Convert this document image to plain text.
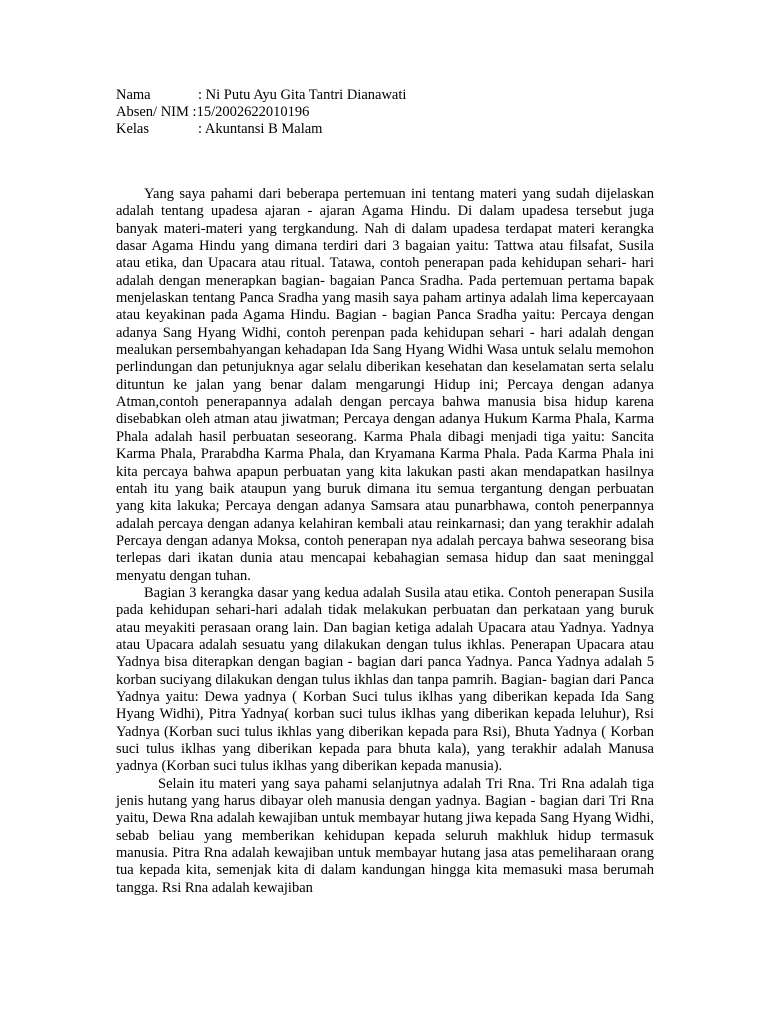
Nama	: Ni Putu Ayu Gita Tantri Dianawati
Absen/ NIM :15/2002622010196
Kelas	: Akuntansi B Malam

Yang saya pahami dari beberapa pertemuan ini tentang materi yang sudah dijelaskan adalah tentang upadesa ajaran - ajaran Agama Hindu. Di dalam upadesa tersebut juga banyak materi-materi yang tergkandung. Nah di dalam upadesa terdapat materi kerangka dasar Agama Hindu yang dimana terdiri dari 3 bagaian yaitu: Tattwa atau filsafat, Susila atau etika, dan Upacara atau ritual. Tatawa, contoh penerapan pada kehidupan sehari- hari adalah dengan menerapkan bagian- bagaian Panca Sradha. Pada pertemuan pertama bapak menjelaskan tentang Panca Sradha yang masih saya paham artinya adalah lima kepercayaan atau keyakinan pada Agama Hindu. Bagian - bagian Panca Sradha yaitu: Percaya dengan adanya Sang Hyang Widhi, contoh perenpan pada kehidupan sehari - hari adalah dengan mealukan persembahyangan kehadapan Ida Sang Hyang Widhi Wasa untuk selalu memohon perlindungan dan petunjuknya agar selalu diberikan kesehatan dan keselamatan serta selalu dituntun ke jalan yang benar dalam mengarungi Hidup ini; Percaya dengan adanya Atman,contoh penerapannya adalah dengan percaya bahwa manusia bisa hidup karena disebabkan oleh atman atau jiwatman; Percaya dengan adanya Hukum Karma Phala, Karma Phala adalah hasil perbuatan seseorang. Karma Phala dibagi menjadi tiga yaitu: Sancita Karma Phala, Prarabdha Karma Phala, dan Kryamana Karma Phala. Pada Karma Phala ini kita percaya bahwa apapun perbuatan yang kita lakukan pasti akan mendapatkan hasilnya entah itu yang baik ataupun yang buruk dimana itu semua tergantung dengan perbuatan yang kita lakuka; Percaya dengan adanya Samsara atau punarbhawa, contoh penerpannya adalah percaya dengan adanya kelahiran kembali atau reinkarnasi; dan yang terakhir adalah Percaya dengan adanya Moksa, contoh penerapan nya adalah percaya bahwa seseorang bisa terlepas dari ikatan dunia atau mencapai kebahagian semasa hidup dan saat meninggal menyatu dengan tuhan.

Bagian 3 kerangka dasar yang kedua adalah Susila atau etika. Contoh penerapan Susila pada kehidupan sehari-hari adalah tidak melakukan perbuatan dan perkataan yang buruk atau meyakiti perasaan orang lain. Dan bagian ketiga adalah Upacara atau Yadnya. Yadnya atau Upacara adalah sesuatu yang dilakukan dengan tulus ikhlas. Penerapan Upacara atau Yadnya bisa diterapkan dengan bagian - bagian dari panca Yadnya. Panca Yadnya adalah 5 korban suciyang dilakukan dengan tulus ikhlas dan tanpa pamrih. Bagian- bagian dari Panca Yadnya yaitu: Dewa yadnya ( Korban Suci tulus iklhas yang diberikan kepada Ida Sang Hyang Widhi), Pitra Yadnya( korban suci tulus iklhas yang diberikan kepada leluhur), Rsi Yadnya (Korban suci tulus ikhlas yang diberikan kepada para Rsi), Bhuta Yadnya ( Korban suci tulus iklhas yang diberikan kepada para bhuta kala), yang terakhir adalah Manusa yadnya (Korban suci tulus iklhas yang diberikan kepada manusia).

Selain itu materi yang saya pahami selanjutnya adalah Tri Rna. Tri Rna adalah tiga jenis hutang yang harus dibayar oleh manusia dengan yadnya. Bagian - bagian dari Tri Rna yaitu, Dewa Rna adalah kewajiban untuk membayar hutang jiwa kepada Sang Hyang Widhi, sebab beliau yang memberikan kehidupan kepada seluruh makhluk hidup termasuk manusia. Pitra Rna adalah kewajiban untuk membayar hutang jasa atas pemeliharaan orang tua kepada kita, semenjak kita di dalam kandungan hingga kita memasuki masa berumah tangga. Rsi Rna adalah kewajiban
